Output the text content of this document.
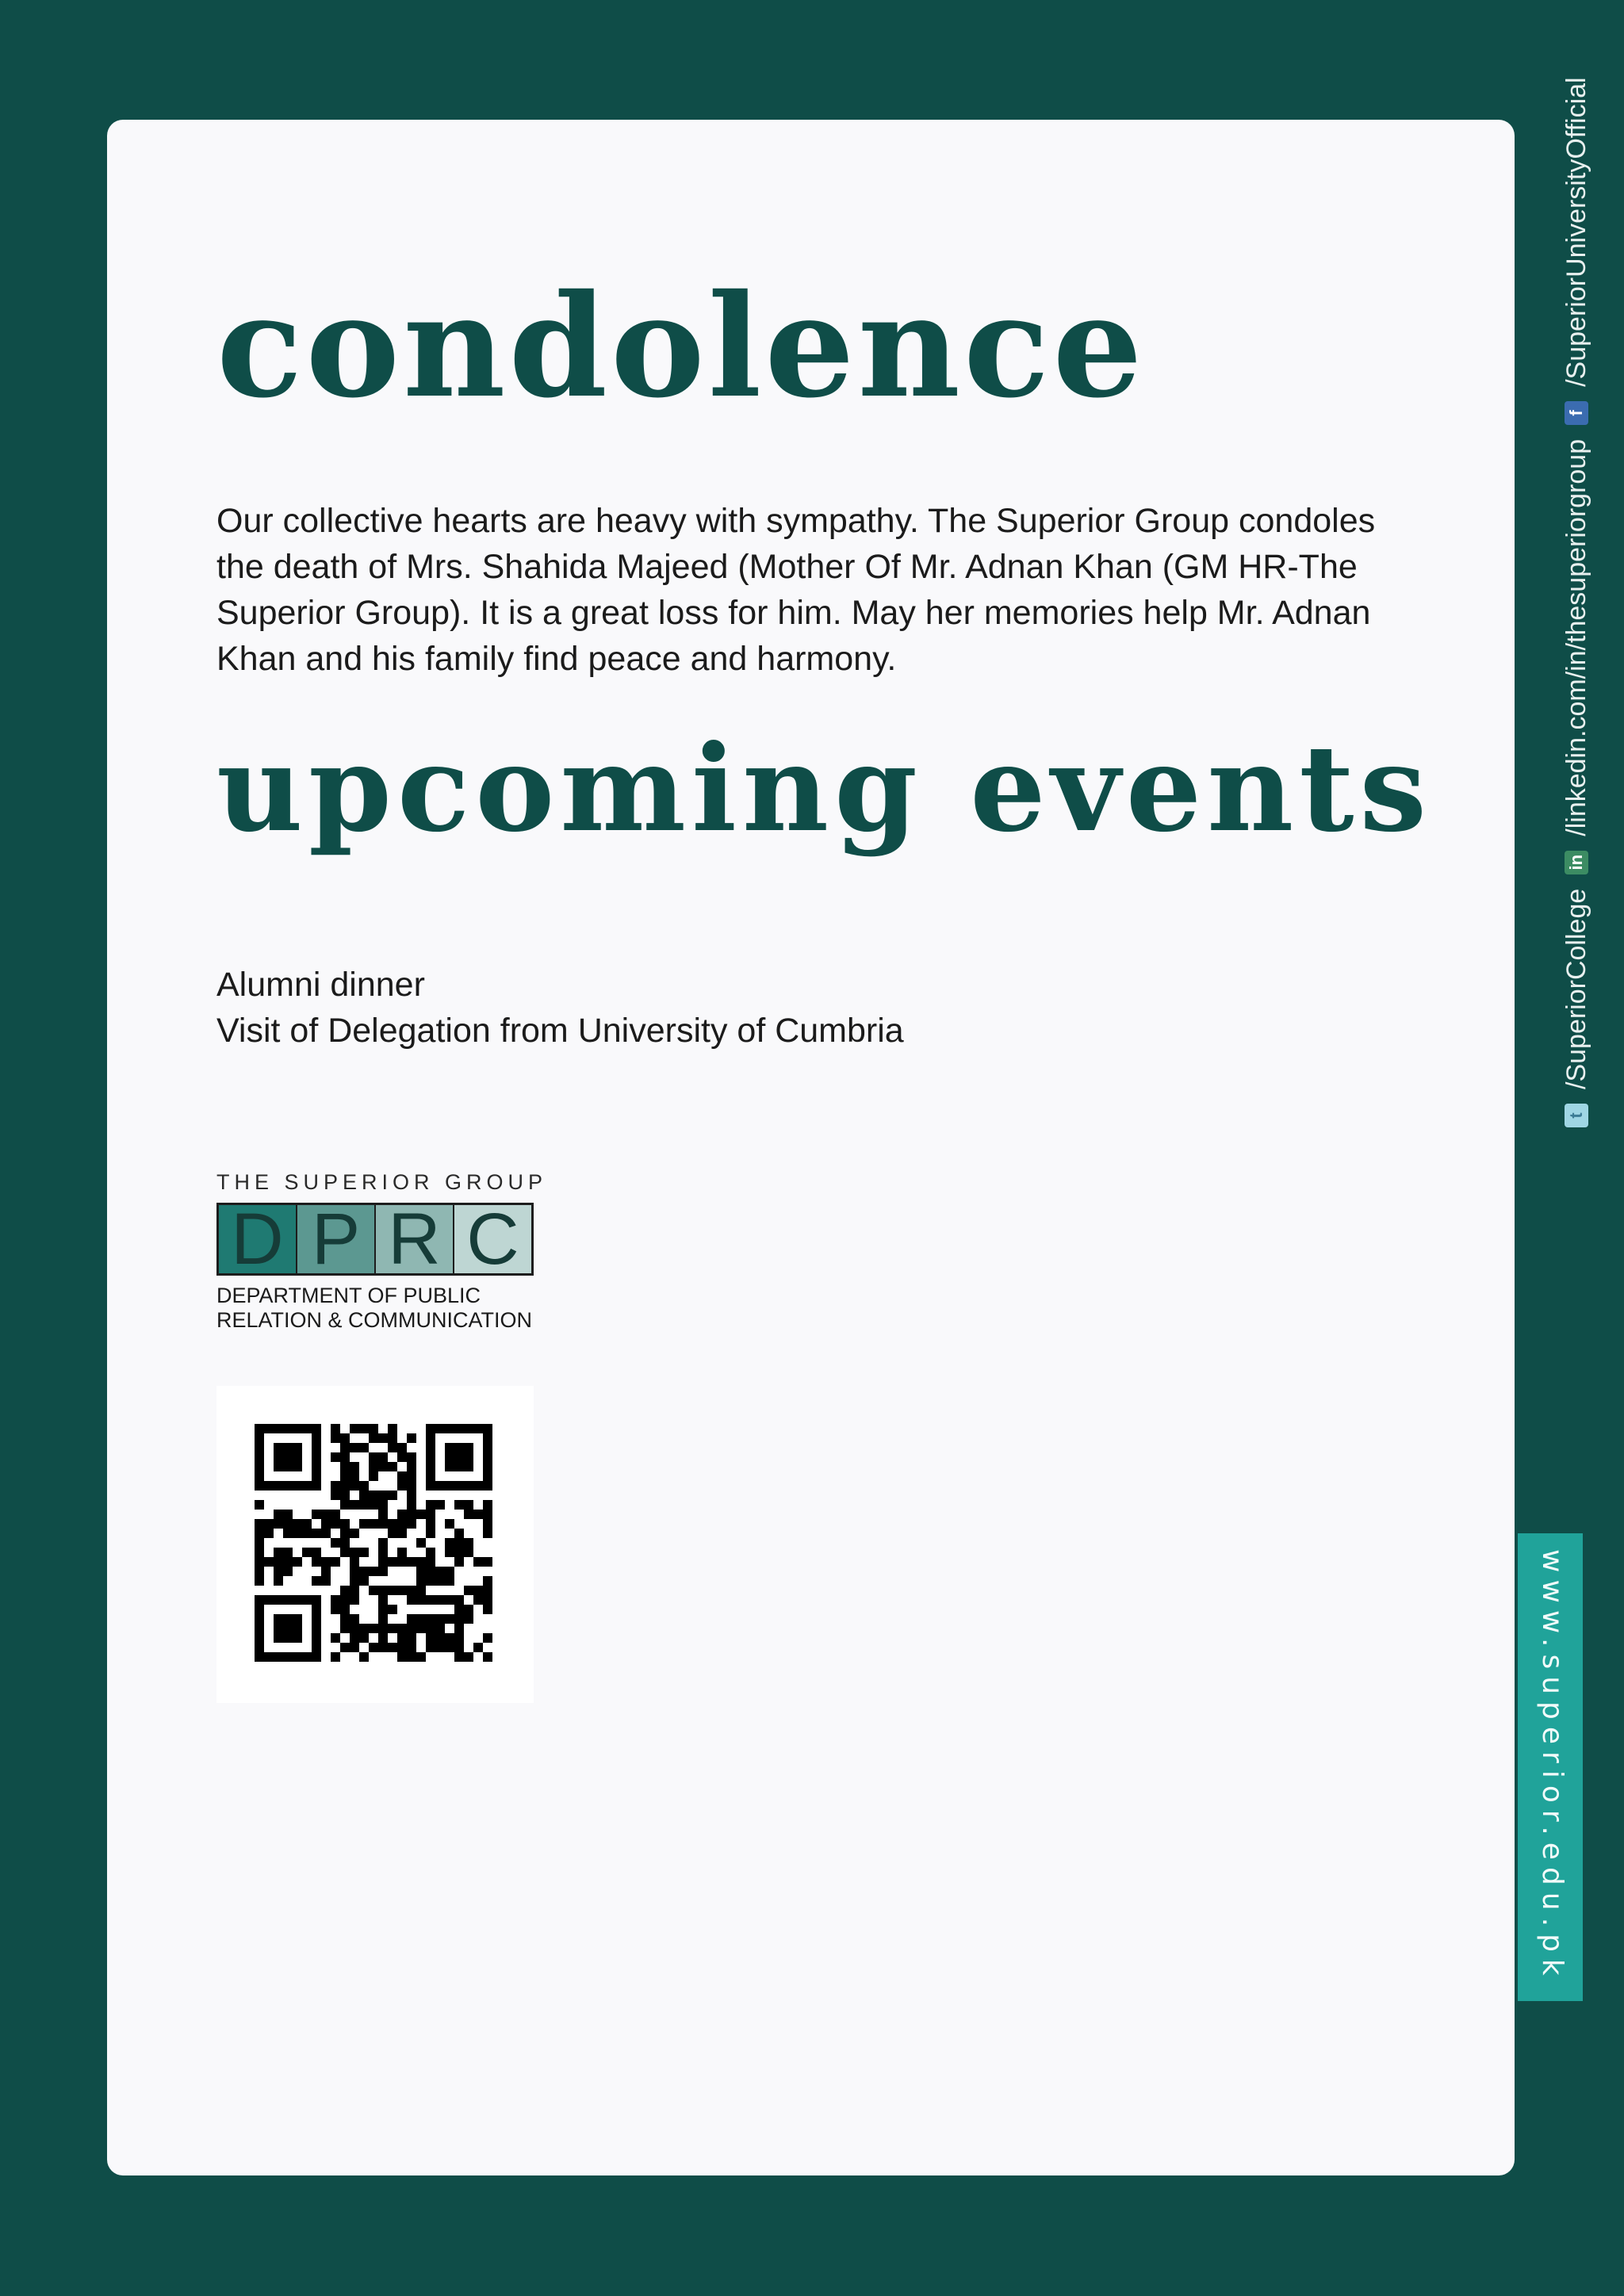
condolence

Our collective hearts are heavy with sympathy. The Superior Group condoles the death of Mrs. Shahida Majeed (Mother Of Mr. Adnan Khan (GM HR-The Superior Group). It is a great loss for him. May her memories help Mr. Adnan Khan and his family find peace and harmony.

upcoming events
Alumni dinner
Visit of Delegation from University of Cumbria
THE SUPERIOR GROUP
D P R C
DEPARTMENT OF PUBLIC
RELATION & COMMUNICATION
t
/SuperiorCollege
in
/linkedin.com/in/thesuperiorgroup
f
/SuperiorUniversityOfficial
www.superior.edu.pk
